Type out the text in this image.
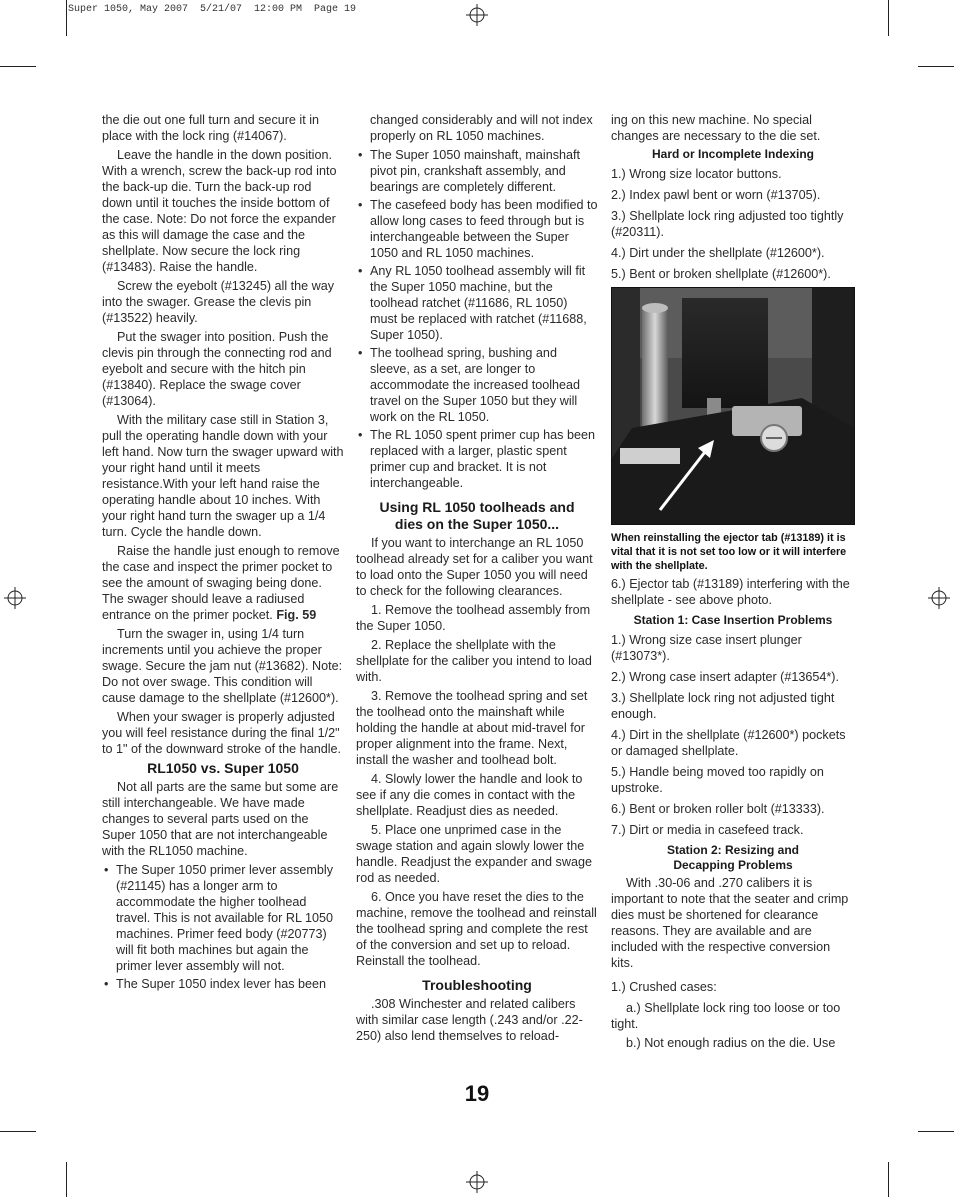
Super 1050, May 2007  5/21/07  12:00 PM  Page 19

the die out one full turn and secure it in place with the lock ring (#14067).

Leave the handle in the down position. With a wrench, screw the back-up rod into the back-up die. Turn the back-up rod down until it touches the inside bottom of the case. Note: Do not force the expander as this will damage the case and the shellplate. Now secure the lock ring (#13483). Raise the handle.

Screw the eyebolt (#13245) all the way into the swager. Grease the clevis pin (#13522) heavily.

Put the swager into position. Push the clevis pin through the connecting rod and eyebolt and secure with the hitch pin (#13840). Replace the swage cover (#13064).

With the military case still in Station 3, pull the operating handle down with your left hand. Now turn the swager upward with your right hand until it meets resistance.With your left hand raise the operating handle about 10 inches. With your right hand turn the swager up a 1/4 turn. Cycle the handle down.

Raise the handle just enough to remove the case and inspect the primer pocket to see the amount of swaging being done. The swager should leave a radiused entrance on the primer pocket. Fig. 59

Turn the swager in, using 1/4 turn increments until you achieve the proper swage. Secure the jam nut (#13682). Note: Do not over swage. This condition will cause damage to the shellplate (#12600*).

When your swager is properly adjusted you will feel resistance during the final 1/2" to 1" of the downward stroke of the handle.

RL1050 vs. Super 1050

Not all parts are the same but some are still interchangeable. We have made changes to several parts used on the Super 1050 that are not interchangeable with the RL1050 machine.

• The Super 1050 primer lever assembly (#21145) has a longer arm to accommodate the higher toolhead travel. This is not available for RL 1050 machines. Primer feed body (#20773) will fit both machines but again the primer lever assembly will not.
• The Super 1050 index lever has been

changed considerably and will not index properly on RL 1050 machines.

• The Super 1050 mainshaft, mainshaft pivot pin, crankshaft assembly, and bearings are completely different.
• The casefeed body has been modified to allow long cases to feed through but is interchangeable between the Super 1050 and RL 1050 machines.
• Any RL 1050 toolhead assembly will fit the Super 1050 machine, but the toolhead ratchet (#11686, RL 1050) must be replaced with ratchet (#11688, Super 1050).
• The toolhead spring, bushing and sleeve, as a set, are longer to accommodate the increased toolhead travel on the Super 1050 but they will work on the RL 1050.
• The RL 1050 spent primer cup has been replaced with a larger, plastic spent primer cup and bracket. It is not interchangeable.
Using RL 1050 toolheads and dies on the Super 1050...

If you want to interchange an RL 1050 toolhead already set for a caliber you want to load onto the Super 1050 you will need to check for the following clearances.

1. Remove the toolhead assembly from the Super 1050.

2. Replace the shellplate with the shellplate for the caliber you intend to load with.

3. Remove the toolhead spring and set the toolhead onto the mainshaft while holding the handle at about mid-travel for proper alignment into the frame. Next, install the washer and toolhead bolt.

4. Slowly lower the handle and look to see if any die comes in contact with the shellplate. Readjust dies as needed.

5. Place one unprimed case in the swage station and again slowly lower the handle. Readjust the expander and swage rod as needed.

6. Once you have reset the dies to the machine, remove the toolhead and reinstall the toolhead spring and complete the rest of the conversion and set up to reload. Reinstall the toolhead.

Troubleshooting

.308 Winchester and related calibers with similar case length (.243 and/or .22-250) also lend themselves to reload-

ing on this new machine. No special changes are necessary to the die set.

Hard or Incomplete Indexing

1.) Wrong size locator buttons.

2.) Index pawl bent or worn (#13705).

3.) Shellplate lock ring adjusted too tightly (#20311).

4.) Dirt under the shellplate (#12600*).

5.) Bent or broken shellplate (#12600*).

When reinstalling the ejector tab (#13189) it is vital that it is not set too low or it will interfere with the shellplate.

6.) Ejector tab (#13189) interfering with the shellplate - see above photo.

Station 1: Case Insertion Problems

1.) Wrong size case insert plunger (#13073*).

2.) Wrong case insert adapter (#13654*).

3.) Shellplate lock ring not adjusted tight enough.

4.) Dirt in the shellplate (#12600*) pockets or damaged shellplate.

5.) Handle being moved too rapidly on upstroke.

6.) Bent or broken roller bolt (#13333).

7.) Dirt or media in casefeed track.

Station 2: Resizing and
Decapping Problems

With .30-06 and .270 calibers it is important to note that the seater and crimp dies must be shortened for clearance reasons. They are available and are included with the respective conversion kits.

1.) Crushed cases:

a.) Shellplate lock ring too loose or too tight.

b.) Not enough radius on the die. Use

19
